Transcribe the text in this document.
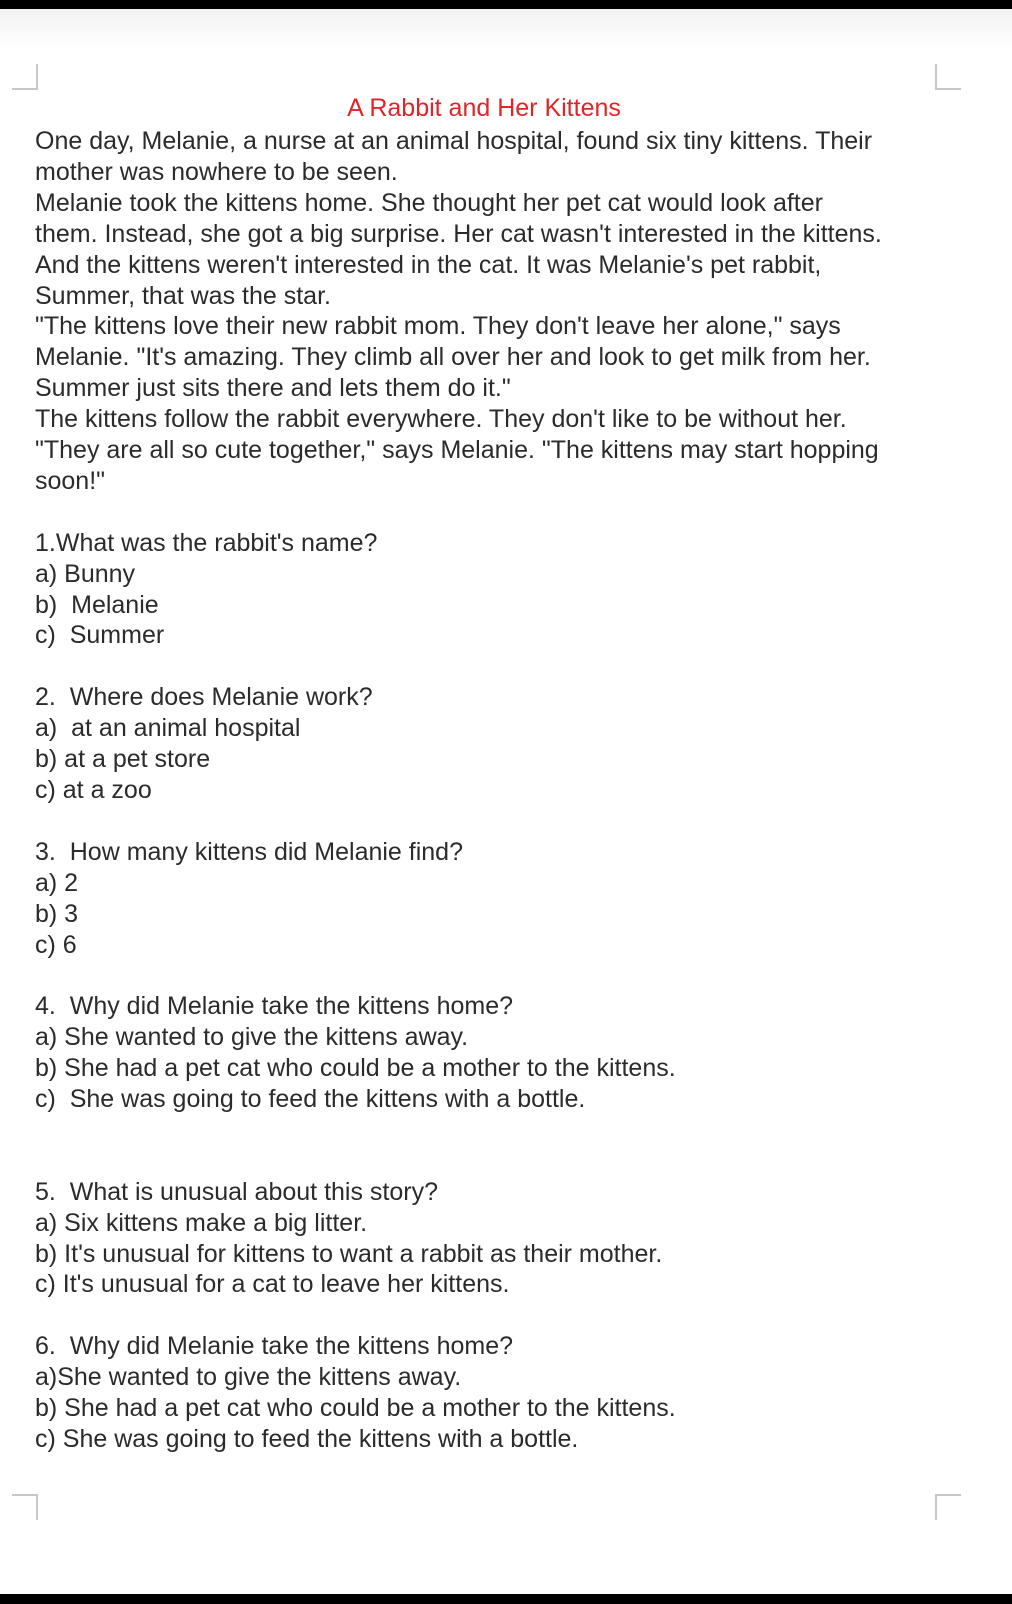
A Rabbit and Her Kittens

One day, Melanie, a nurse at an animal hospital, found six tiny kittens. Their mother was nowhere to be seen.

Melanie took the kittens home. She thought her pet cat would look after them. Instead, she got a big surprise. Her cat wasn't interested in the kittens. And the kittens weren't interested in the cat. It was Melanie's pet rabbit, Summer, that was the star.

"The kittens love their new rabbit mom. They don't leave her alone," says Melanie. "It's amazing. They climb all over her and look to get milk from her. Summer just sits there and lets them do it."

The kittens follow the rabbit everywhere. They don't like to be without her. "They are all so cute together," says Melanie. "The kittens may start hopping soon!"

1.What was the rabbit's name?
a) Bunny
b)  Melanie
c)  Summer
2.  Where does Melanie work?
a)  at an animal hospital
b) at a pet store
c) at a zoo
3.  How many kittens did Melanie find?
a) 2
b) 3
c) 6
4.  Why did Melanie take the kittens home?
a) She wanted to give the kittens away.
b) She had a pet cat who could be a mother to the kittens.
c)  She was going to feed the kittens with a bottle.
5.  What is unusual about this story?
a) Six kittens make a big litter.
b) It's unusual for kittens to want a rabbit as their mother.
c) It's unusual for a cat to leave her kittens.
6.  Why did Melanie take the kittens home?
a)She wanted to give the kittens away.
b) She had a pet cat who could be a mother to the kittens.
c) She was going to feed the kittens with a bottle.
